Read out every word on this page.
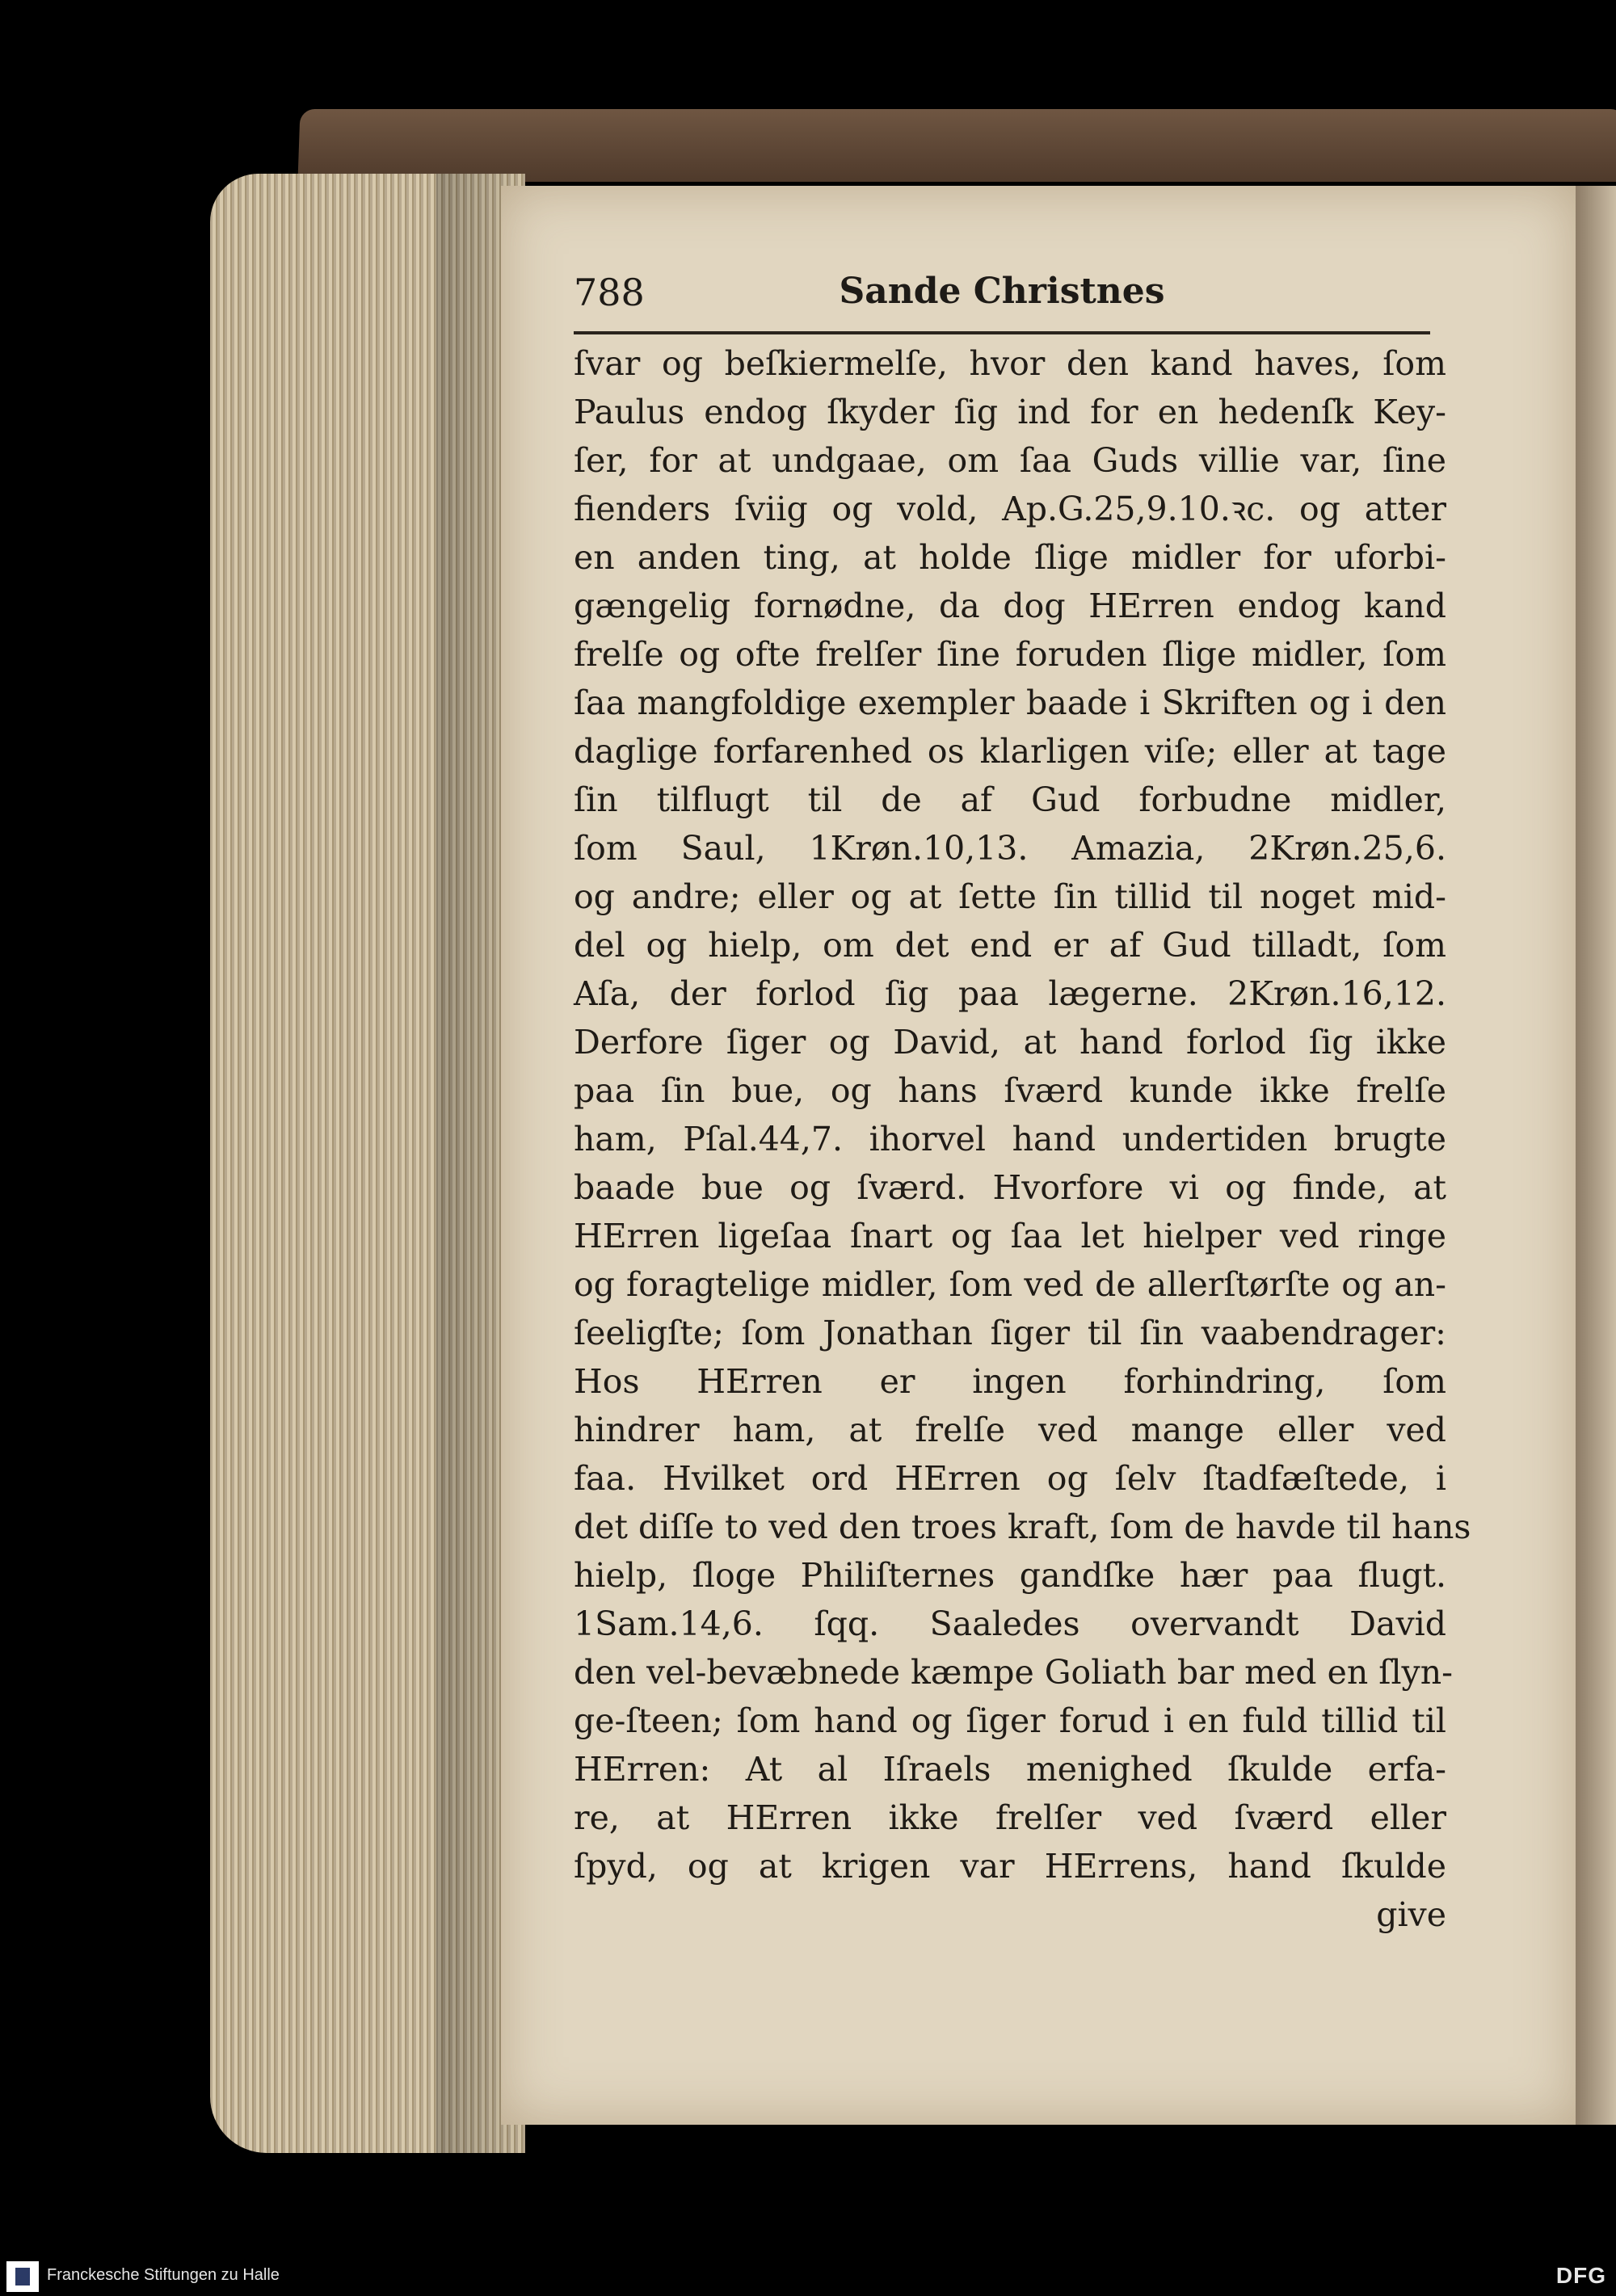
788	Sande Christnes
ſvar og beſkiermelſe, hvor den kand haves, ſom
Paulus endog ſkyder ſig ind for en hedenſk Key-
ſer, for at undgaae, om ſaa Guds villie var, ſine
fienders ſviig og vold, Ap.G.25,9.10.ꝛc. og atter
en anden ting, at holde ſlige midler for uforbi-
gængelig fornødne, da dog HErren endog kand
frelſe og ofte frelſer ſine foruden ſlige midler, ſom
ſaa mangfoldige exempler baade i Skriften og i den
daglige forfarenhed os klarligen viſe; eller at tage
ſin tilflugt til de af Gud forbudne midler,
ſom Saul, 1Krøn.10,13. Amazia, 2Krøn.25,6.
og andre; eller og at ſette ſin tillid til noget mid-
del og hielp, om det end er af Gud tilladt, ſom
Aſa, der forlod ſig paa lægerne. 2Krøn.16,12.
Derfore ſiger og David, at hand forlod ſig ikke
paa ſin bue, og hans ſværd kunde ikke frelſe
ham, Pſal.44,7. ihorvel hand undertiden brugte
baade bue og ſværd. Hvorfore vi og finde, at
HErren ligeſaa ſnart og ſaa let hielper ved ringe
og foragtelige midler, ſom ved de allerſtørſte og an-
ſeeligſte; ſom Jonathan ſiger til ſin vaabendrager:
Hos HErren er ingen forhindring, ſom
hindrer ham, at frelſe ved mange eller ved
faa. Hvilket ord HErren og ſelv ſtadfæſtede, i
det diſſe to ved den troes kraft, ſom de havde til hans
hielp, ſloge Philiſternes gandſke hær paa flugt.
1Sam.14,6. ſqq. Saaledes overvandt David
den vel-bevæbnede kæmpe Goliath bar med en ſlyn-
ge-ſteen; ſom hand og ſiger forud i en fuld tillid til
HErren: At al Iſraels menighed ſkulde erfa-
re, at HErren ikke frelſer ved ſværd eller
ſpyd, og at krigen var HErrens, hand ſkulde
give
Franckesche Stiftungen zu Halle	DFG
